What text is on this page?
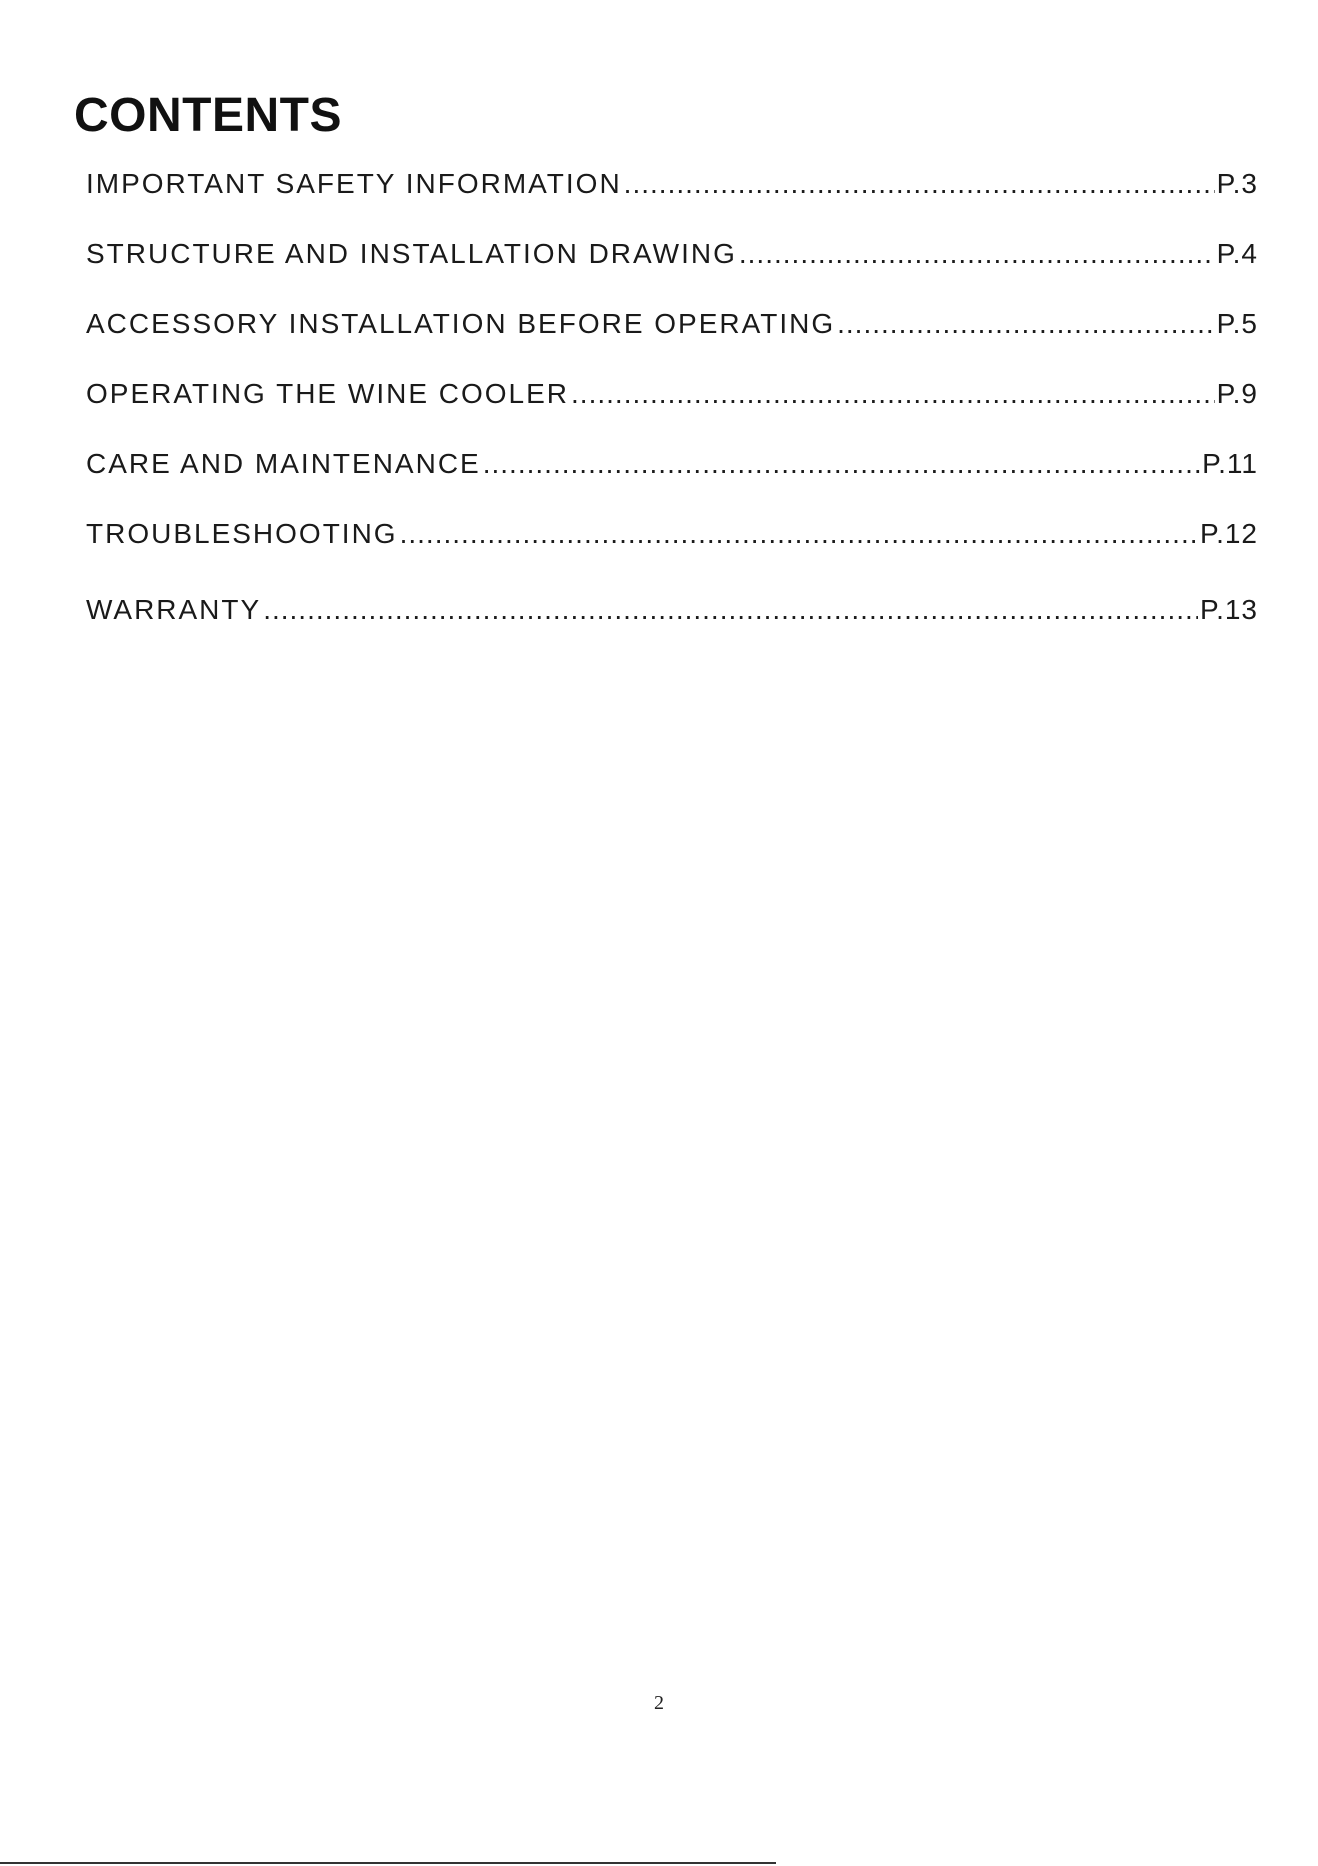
CONTENTS
IMPORTANT SAFETY INFORMATION .....	P.3
STRUCTURE AND INSTALLATION DRAWING .....	P.4
ACCESSORY INSTALLATION BEFORE OPERATING .....	P.5
OPERATING THE WINE COOLER .....	P.9
CARE AND MAINTENANCE .....	P.11
TROUBLESHOOTING .....	P.12
WARRANTY .....	P.13
2
